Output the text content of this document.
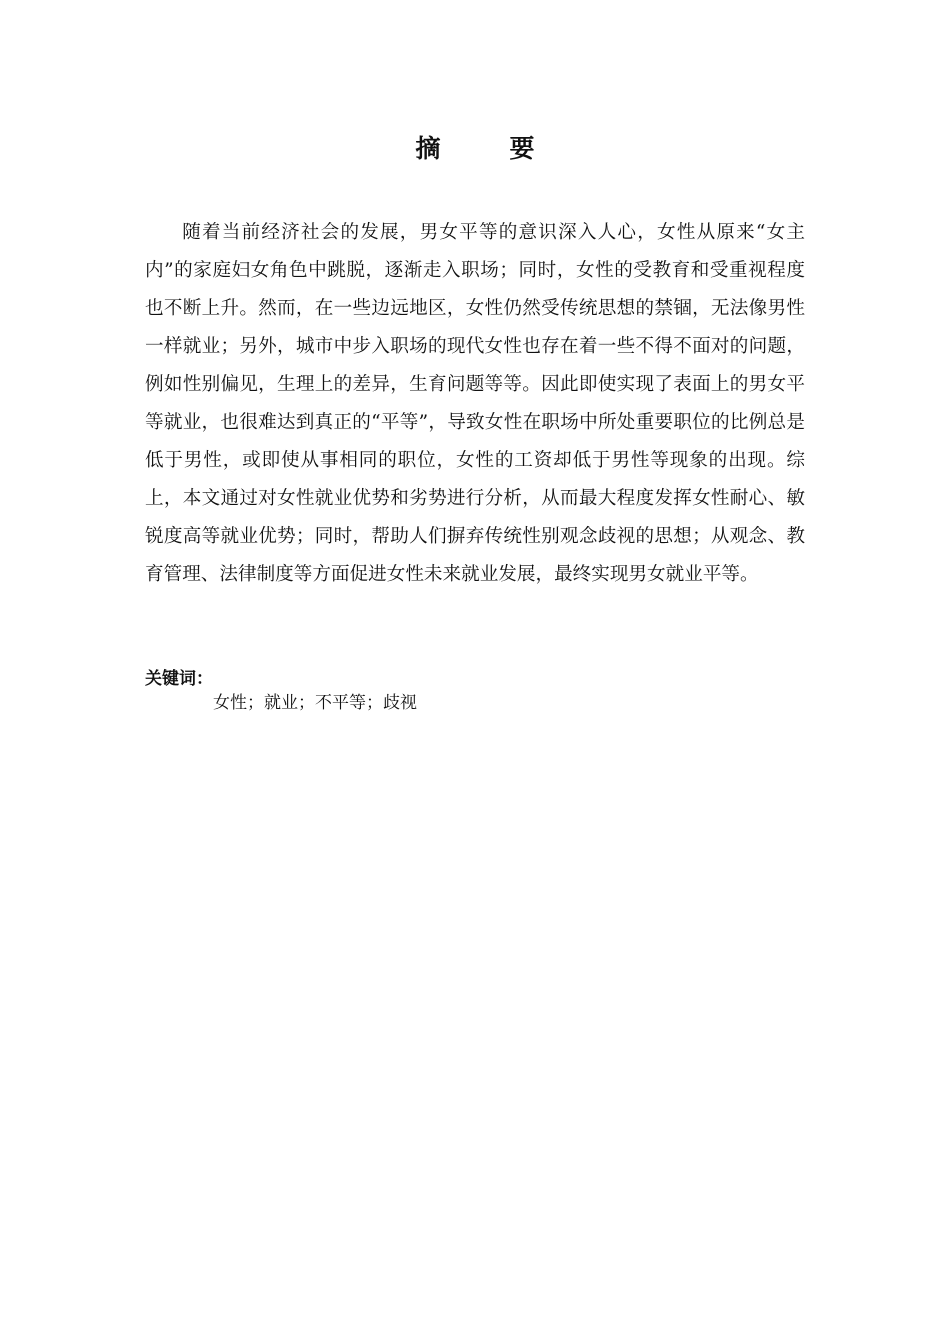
摘　要

随着当前经济社会的发展，男女平等的意识深入人心，女性从原来“女主内”的家庭妇女角色中跳脱，逐渐走入职场；同时，女性的受教育和受重视程度也不断上升。然而，在一些边远地区，女性仍然受传统思想的禁锢，无法像男性一样就业；另外，城市中步入职场的现代女性也存在着一些不得不面对的问题，例如性别偏见，生理上的差异，生育问题等等。因此即使实现了表面上的男女平等就业，也很难达到真正的“平等”，导致女性在职场中所处重要职位的比例总是低于男性，或即使从事相同的职位，女性的工资却低于男性等现象的出现。综上，本文通过对女性就业优势和劣势进行分析，从而最大程度发挥女性耐心、敏锐度高等就业优势；同时，帮助人们摒弃传统性别观念歧视的思想；从观念、教育管理、法律制度等方面促进女性未来就业发展，最终实现男女就业平等。

关键词：
女性；就业；不平等；歧视
